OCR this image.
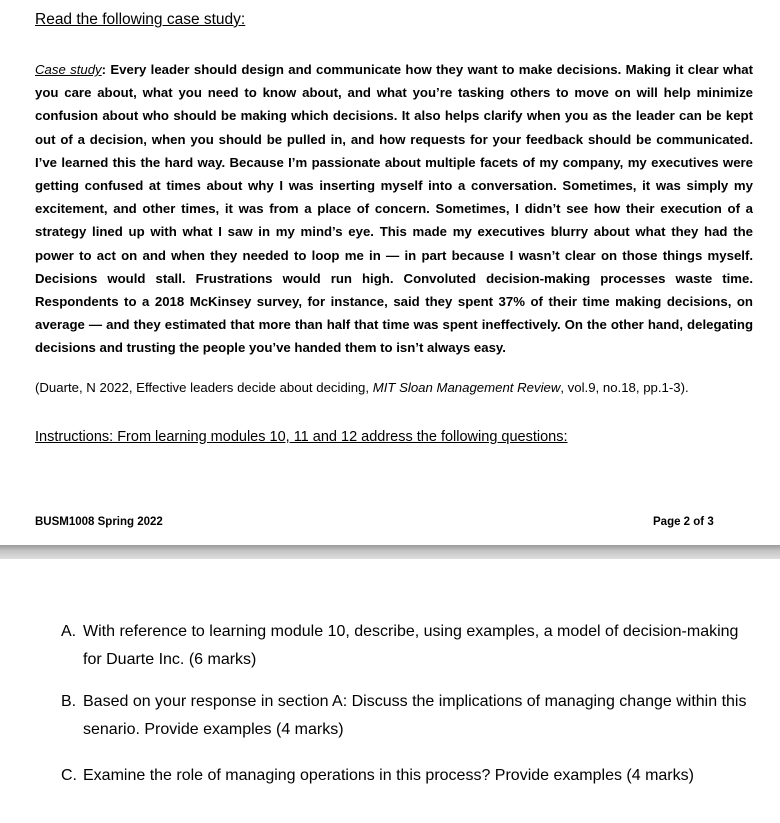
Read the following case study:
Case study: Every leader should design and communicate how they want to make decisions. Making it clear what you care about, what you need to know about, and what you’re tasking others to move on will help minimize confusion about who should be making which decisions. It also helps clarify when you as the leader can be kept out of a decision, when you should be pulled in, and how requests for your feedback should be communicated. I’ve learned this the hard way. Because I’m passionate about multiple facets of my company, my executives were getting confused at times about why I was inserting myself into a conversation. Sometimes, it was simply my excitement, and other times, it was from a place of concern. Sometimes, I didn’t see how their execution of a strategy lined up with what I saw in my mind’s eye. This made my executives blurry about what they had the power to act on and when they needed to loop me in — in part because I wasn’t clear on those things myself. Decisions would stall. Frustrations would run high. Convoluted decision-making processes waste time. Respondents to a 2018 McKinsey survey, for instance, said they spent 37% of their time making decisions, on average — and they estimated that more than half that time was spent ineffectively. On the other hand, delegating decisions and trusting the people you’ve handed them to isn’t always easy.
(Duarte, N 2022, Effective leaders decide about deciding, MIT Sloan Management Review, vol.9, no.18, pp.1-3).
Instructions: From learning modules 10, 11 and 12 address the following questions:
BUSM1008 Spring 2022	Page 2 of 3
A. With reference to learning module 10, describe, using examples, a model of decision-making for Duarte Inc. (6 marks)
B. Based on your response in section A: Discuss the implications of managing change within this senario. Provide examples (4 marks)
C. Examine the role of managing operations in this process? Provide examples (4 marks)
